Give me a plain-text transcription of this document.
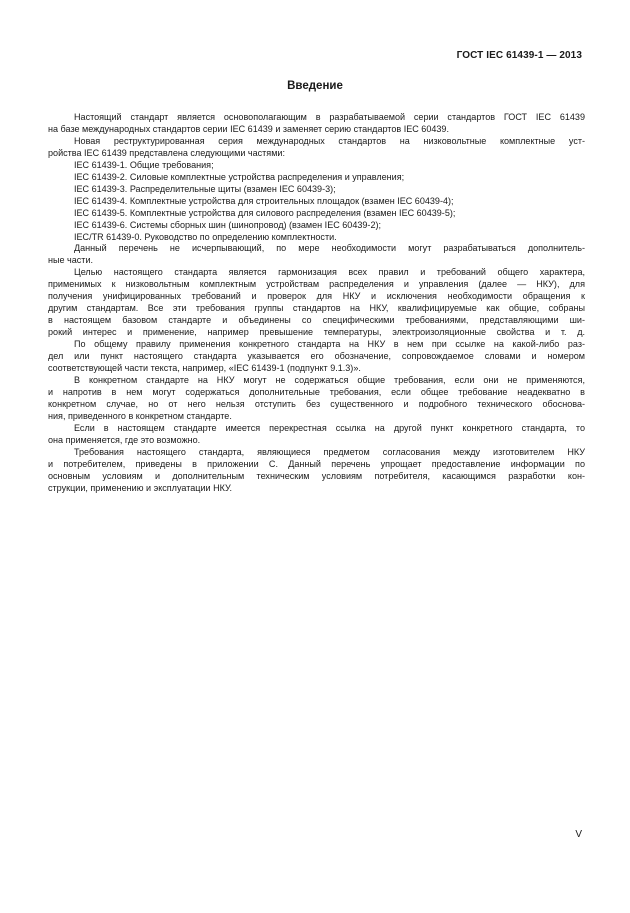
ГОСТ IEC 61439-1 — 2013
Введение
Настоящий стандарт является основополагающим в разрабатываемой серии стандартов ГОСТ IEC 61439
на базе международных стандартов серии IEC 61439 и заменяет серию стандартов IEC 60439.
Новая реструктурированная серия международных стандартов на низковольтные комплектные уст-
ройства IEC 61439 представлена следующими частями:
IEC 61439-1. Общие требования;
IEC 61439-2. Силовые комплектные устройства распределения и управления;
IEC 61439-3. Распределительные щиты (взамен IEC 60439-3);
IEC 61439-4. Комплектные устройства для строительных площадок (взамен IEC 60439-4);
IEC 61439-5. Комплектные устройства для силового распределения (взамен IEC 60439-5);
IEC 61439-6. Системы сборных шин (шинопровод) (взамен IEC 60439-2);
IEC/TR 61439-0. Руководство по определению комплектности.
Данный перечень не исчерпывающий, по мере необходимости могут разрабатываться дополнитель-
ные части.
Целью настоящего стандарта является гармонизация всех правил и требований общего характера,
применимых к низковольтным комплектным устройствам распределения и управления (далее — НКУ), для
получения унифицированных требований и проверок для НКУ и исключения необходимости обращения к
другим стандартам. Все эти требования группы стандартов на НКУ, квалифицируемые как общие, собраны
в настоящем базовом стандарте и объединены со специфическими требованиями, представляющими ши-
рокий интерес и применение, например превышение температуры, электроизоляционные свойства и т. д.
По общему правилу применения конкретного стандарта на НКУ в нем при ссылке на какой-либо раз-
дел или пункт настоящего стандарта указывается его обозначение, сопровождаемое словами и номером
соответствующей части текста, например, «IEC 61439-1 (подпункт 9.1.3)».
В конкретном стандарте на НКУ могут не содержаться общие требования, если они не применяются,
и напротив в нем могут содержаться дополнительные требования, если общее требование неадекватно в
конкретном случае, но от него нельзя отступить без существенного и подробного технического обоснова-
ния, приведенного в конкретном стандарте.
Если в настоящем стандарте имеется перекрестная ссылка на другой пункт конкретного стандарта, то
она применяется, где это возможно.
Требования настоящего стандарта, являющиеся предметом согласования между изготовителем НКУ
и потребителем, приведены в приложении С. Данный перечень упрощает предоставление информации по
основным условиям и дополнительным техническим условиям потребителя, касающимся разработки кон-
струкции, применению и эксплуатации НКУ.
V
